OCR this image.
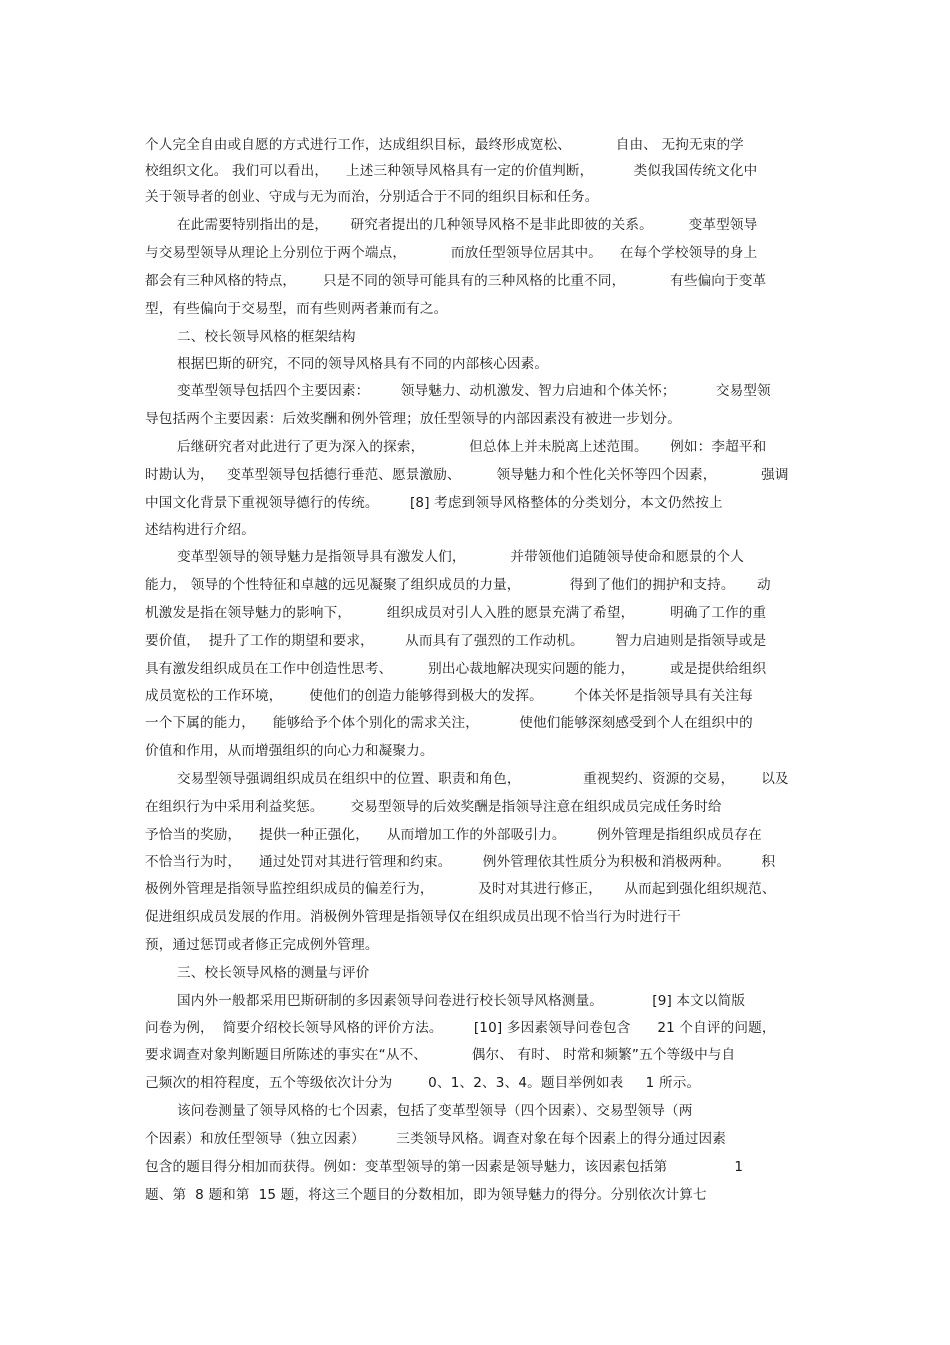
个人完全自由或自愿的方式进行工作，达成组织目标，最终形成宽松、          自由、 无拘无束的学
校组织文化。 我们可以看出，    上述三种领导风格具有一定的价值判断，         类似我国传统文化中
关于领导者的创业、守成与无为而治，分别适合于不同的组织目标和任务。
在此需要特别指出的是，     研究者提出的几种领导风格不是非此即彼的关系。        变革型领导
与交易型领导从理论上分别位于两个端点，          而放任型领导位居其中。    在每个学校领导的身上
都会有三种风格的特点，      只是不同的领导可能具有的三种风格的比重不同，          有些偏向于变革
型，有些偏向于交易型，而有些则两者兼而有之。
二、校长领导风格的框架结构
根据巴斯的研究，不同的领导风格具有不同的内部核心因素。
变革型领导包括四个主要因素：       领导魅力、动机激发、智力启迪和个体关怀；         交易型领
导包括两个主要因素：后效奖酬和例外管理；放任型领导的内部因素没有被进一步划分。
后继研究者对此进行了更为深入的探索，          但总体上并未脱离上述范围。     例如：李超平和
时勘认为，   变革型领导包括德行垂范、愿景激励、        领导魅力和个性化关怀等四个因素，          强调
中国文化背景下重视领导德行的传统。       [8] 考虑到领导风格整体的分类划分，本文仍然按上
述结构进行介绍。
变革型领导的领导魅力是指领导具有激发人们，          并带领他们追随领导使命和愿景的个人
能力， 领导的个性特征和卓越的远见凝聚了组织成员的力量，           得到了他们的拥护和支持。     动
机激发是指在领导魅力的影响下，        组织成员对引人入胜的愿景充满了希望，        明确了工作的重
要价值，  提升了工作的期望和要求，       从而具有了强烈的工作动机。       智力启迪则是指领导或是
具有激发组织成员在工作中创造性思考、        别出心裁地解决现实问题的能力，        或是提供给组织
成员宽松的工作环境，      使他们的创造力能够得到极大的发挥。       个体关怀是指领导具有关注每
一个下属的能力，    能够给予个体个别化的需求关注，         使他们能够深刻感受到个人在组织中的
价值和作用，从而增强组织的向心力和凝聚力。
交易型领导强调组织成员在组织中的位置、职责和角色，              重视契约、资源的交易，      以及
在组织行为中采用利益奖惩。      交易型领导的后效奖酬是指领导注意在组织成员完成任务时给
予恰当的奖励，    提供一种正强化，    从而增加工作的外部吸引力。       例外管理是指组织成员存在
不恰当行为时，    通过处罚对其进行管理和约束。       例外管理依其性质分为积极和消极两种。       积
极例外管理是指领导监控组织成员的偏差行为，          及时对其进行修正，     从而起到强化组织规范、
促进组织成员发展的作用。消极例外管理是指领导仅在组织成员出现不恰当行为时进行干
预，通过惩罚或者修正完成例外管理。
三、校长领导风格的测量与评价
国内外一般都采用巴斯研制的多因素领导问卷进行校长领导风格测量。           [9] 本文以简版
问卷为例，  简要介绍校长领导风格的评价方法。       [10] 多因素领导问卷包含      21 个自评的问题，
要求调查对象判断题目所陈述的事实在“从不、          偶尔、 有时、 时常和频繁”五个等级中与自
己频次的相符程度，五个等级依次计分为        0、1、2、3、4。题目举例如表     1 所示。
该问卷测量了领导风格的七个因素，包括了变革型领导（四个因素）、交易型领导（两
个因素）和放任型领导（独立因素）       三类领导风格。调查对象在每个因素上的得分通过因素
包含的题目得分相加而获得。例如：变革型领导的第一因素是领导魅力，该因素包括第               1
题、第  8 题和第  15 题，将这三个题目的分数相加，即为领导魅力的得分。分别依次计算七
